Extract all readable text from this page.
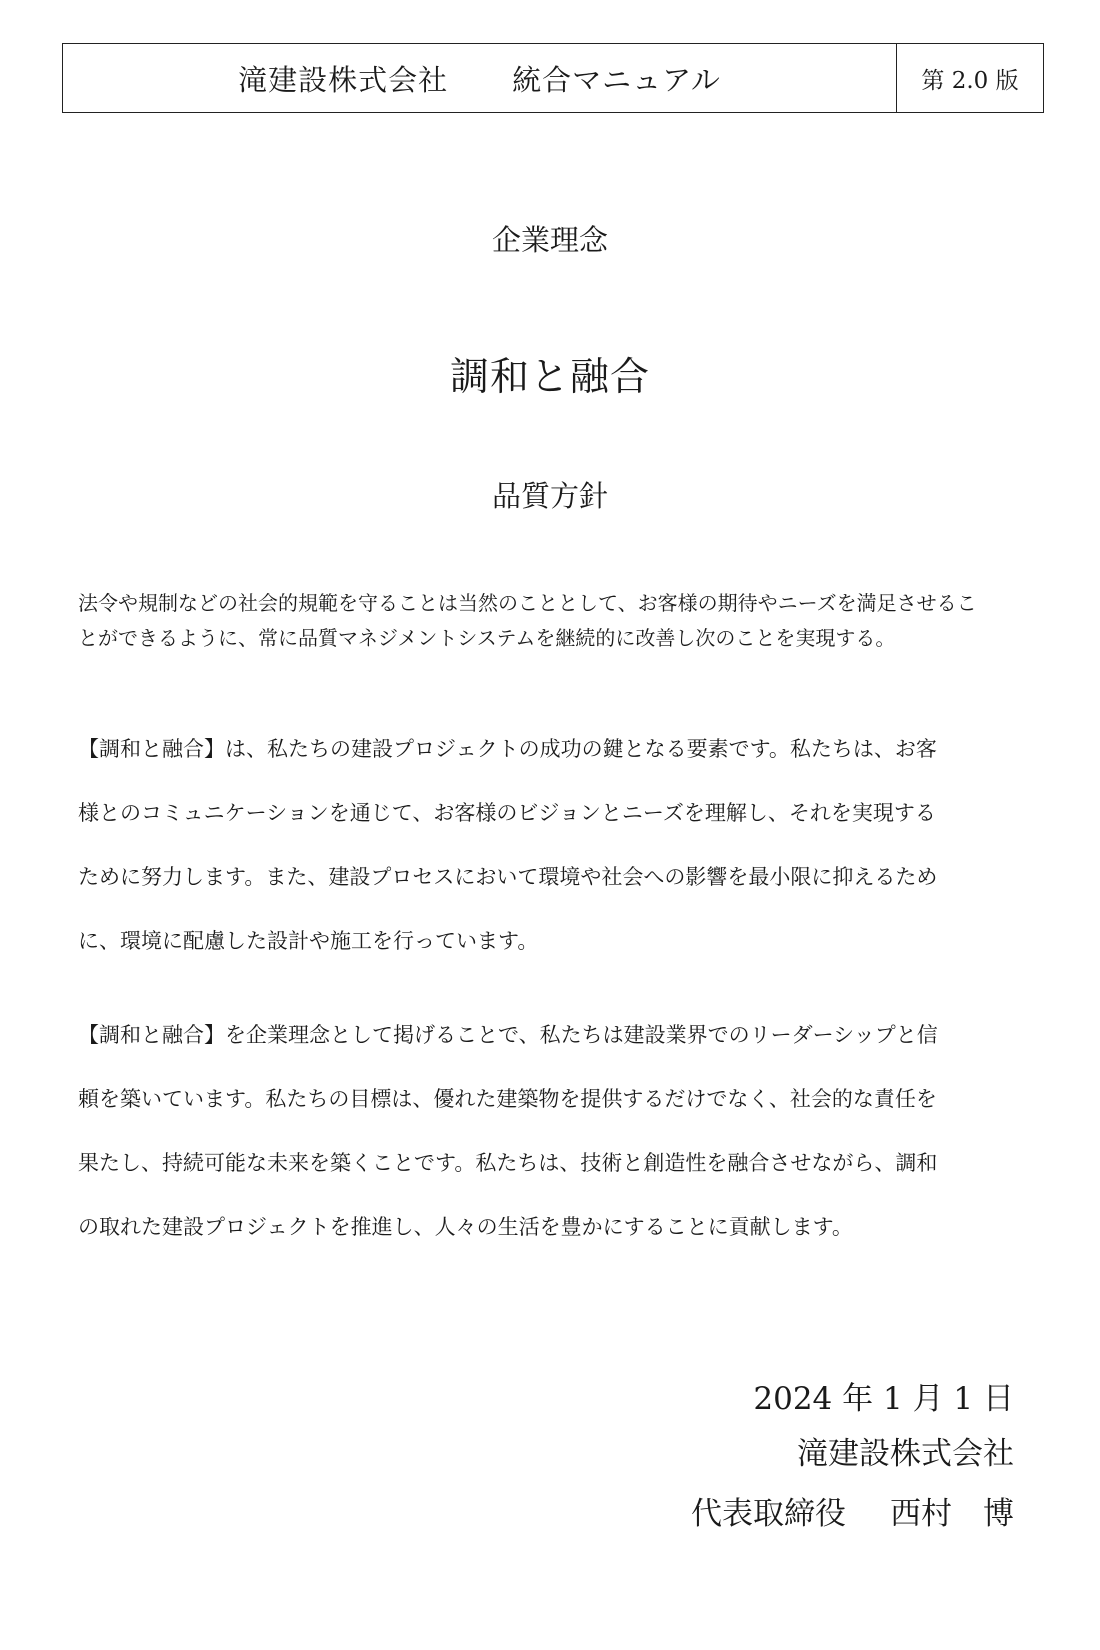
滝建設株式会社 統合マニュアル	第 2.0 版
企業理念
調和と融合
品質方針
法令や規制などの社会的規範を守ることは当然のこととして、お客様の期待やニーズを満足させるこ
とができるように、常に品質マネジメントシステムを継続的に改善し次のことを実現する。
【調和と融合】は、私たちの建設プロジェクトの成功の鍵となる要素です。私たちは、お客
様とのコミュニケーションを通じて、お客様のビジョンとニーズを理解し、それを実現する
ために努力します。また、建設プロセスにおいて環境や社会への影響を最小限に抑えるため
に、環境に配慮した設計や施工を行っています。
【調和と融合】を企業理念として掲げることで、私たちは建設業界でのリーダーシップと信
頼を築いています。私たちの目標は、優れた建築物を提供するだけでなく、社会的な責任を
果たし、持続可能な未来を築くことです。私たちは、技術と創造性を融合させながら、調和
の取れた建設プロジェクトを推進し、人々の生活を豊かにすることに貢献します。
2024 年 1 月 1 日
滝建設株式会社
代表取締役 西村　博
